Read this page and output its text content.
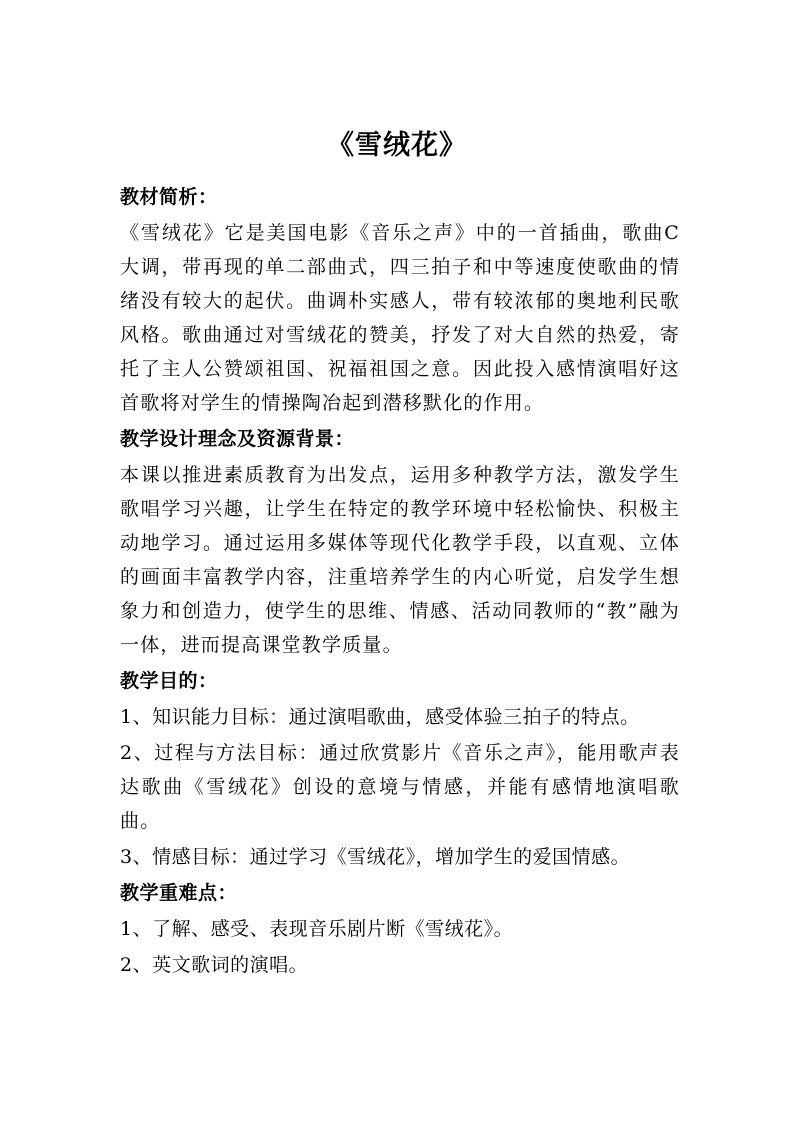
《雪绒花》
教材简析：
《雪绒花》它是美国电影《音乐之声》中的一首插曲，歌曲C大调，带再现的单二部曲式，四三拍子和中等速度使歌曲的情绪没有较大的起伏。曲调朴实感人，带有较浓郁的奥地利民歌风格。歌曲通过对雪绒花的赞美，抒发了对大自然的热爱，寄托了主人公赞颂祖国、祝福祖国之意。因此投入感情演唱好这首歌将对学生的情操陶冶起到潜移默化的作用。
教学设计理念及资源背景：
本课以推进素质教育为出发点，运用多种教学方法，激发学生歌唱学习兴趣，让学生在特定的教学环境中轻松愉快、积极主动地学习。通过运用多媒体等现代化教学手段，以直观、立体的画面丰富教学内容，注重培养学生的内心听觉，启发学生想象力和创造力，使学生的思维、情感、活动同教师的“教”融为一体，进而提高课堂教学质量。
教学目的：
1、知识能力目标：通过演唱歌曲，感受体验三拍子的特点。
2、过程与方法目标：通过欣赏影片《音乐之声》，能用歌声表达歌曲《雪绒花》创设的意境与情感，并能有感情地演唱歌曲。
3、情感目标：通过学习《雪绒花》，增加学生的爱国情感。
教学重难点：
1、了解、感受、表现音乐剧片断《雪绒花》。
2、英文歌词的演唱。
